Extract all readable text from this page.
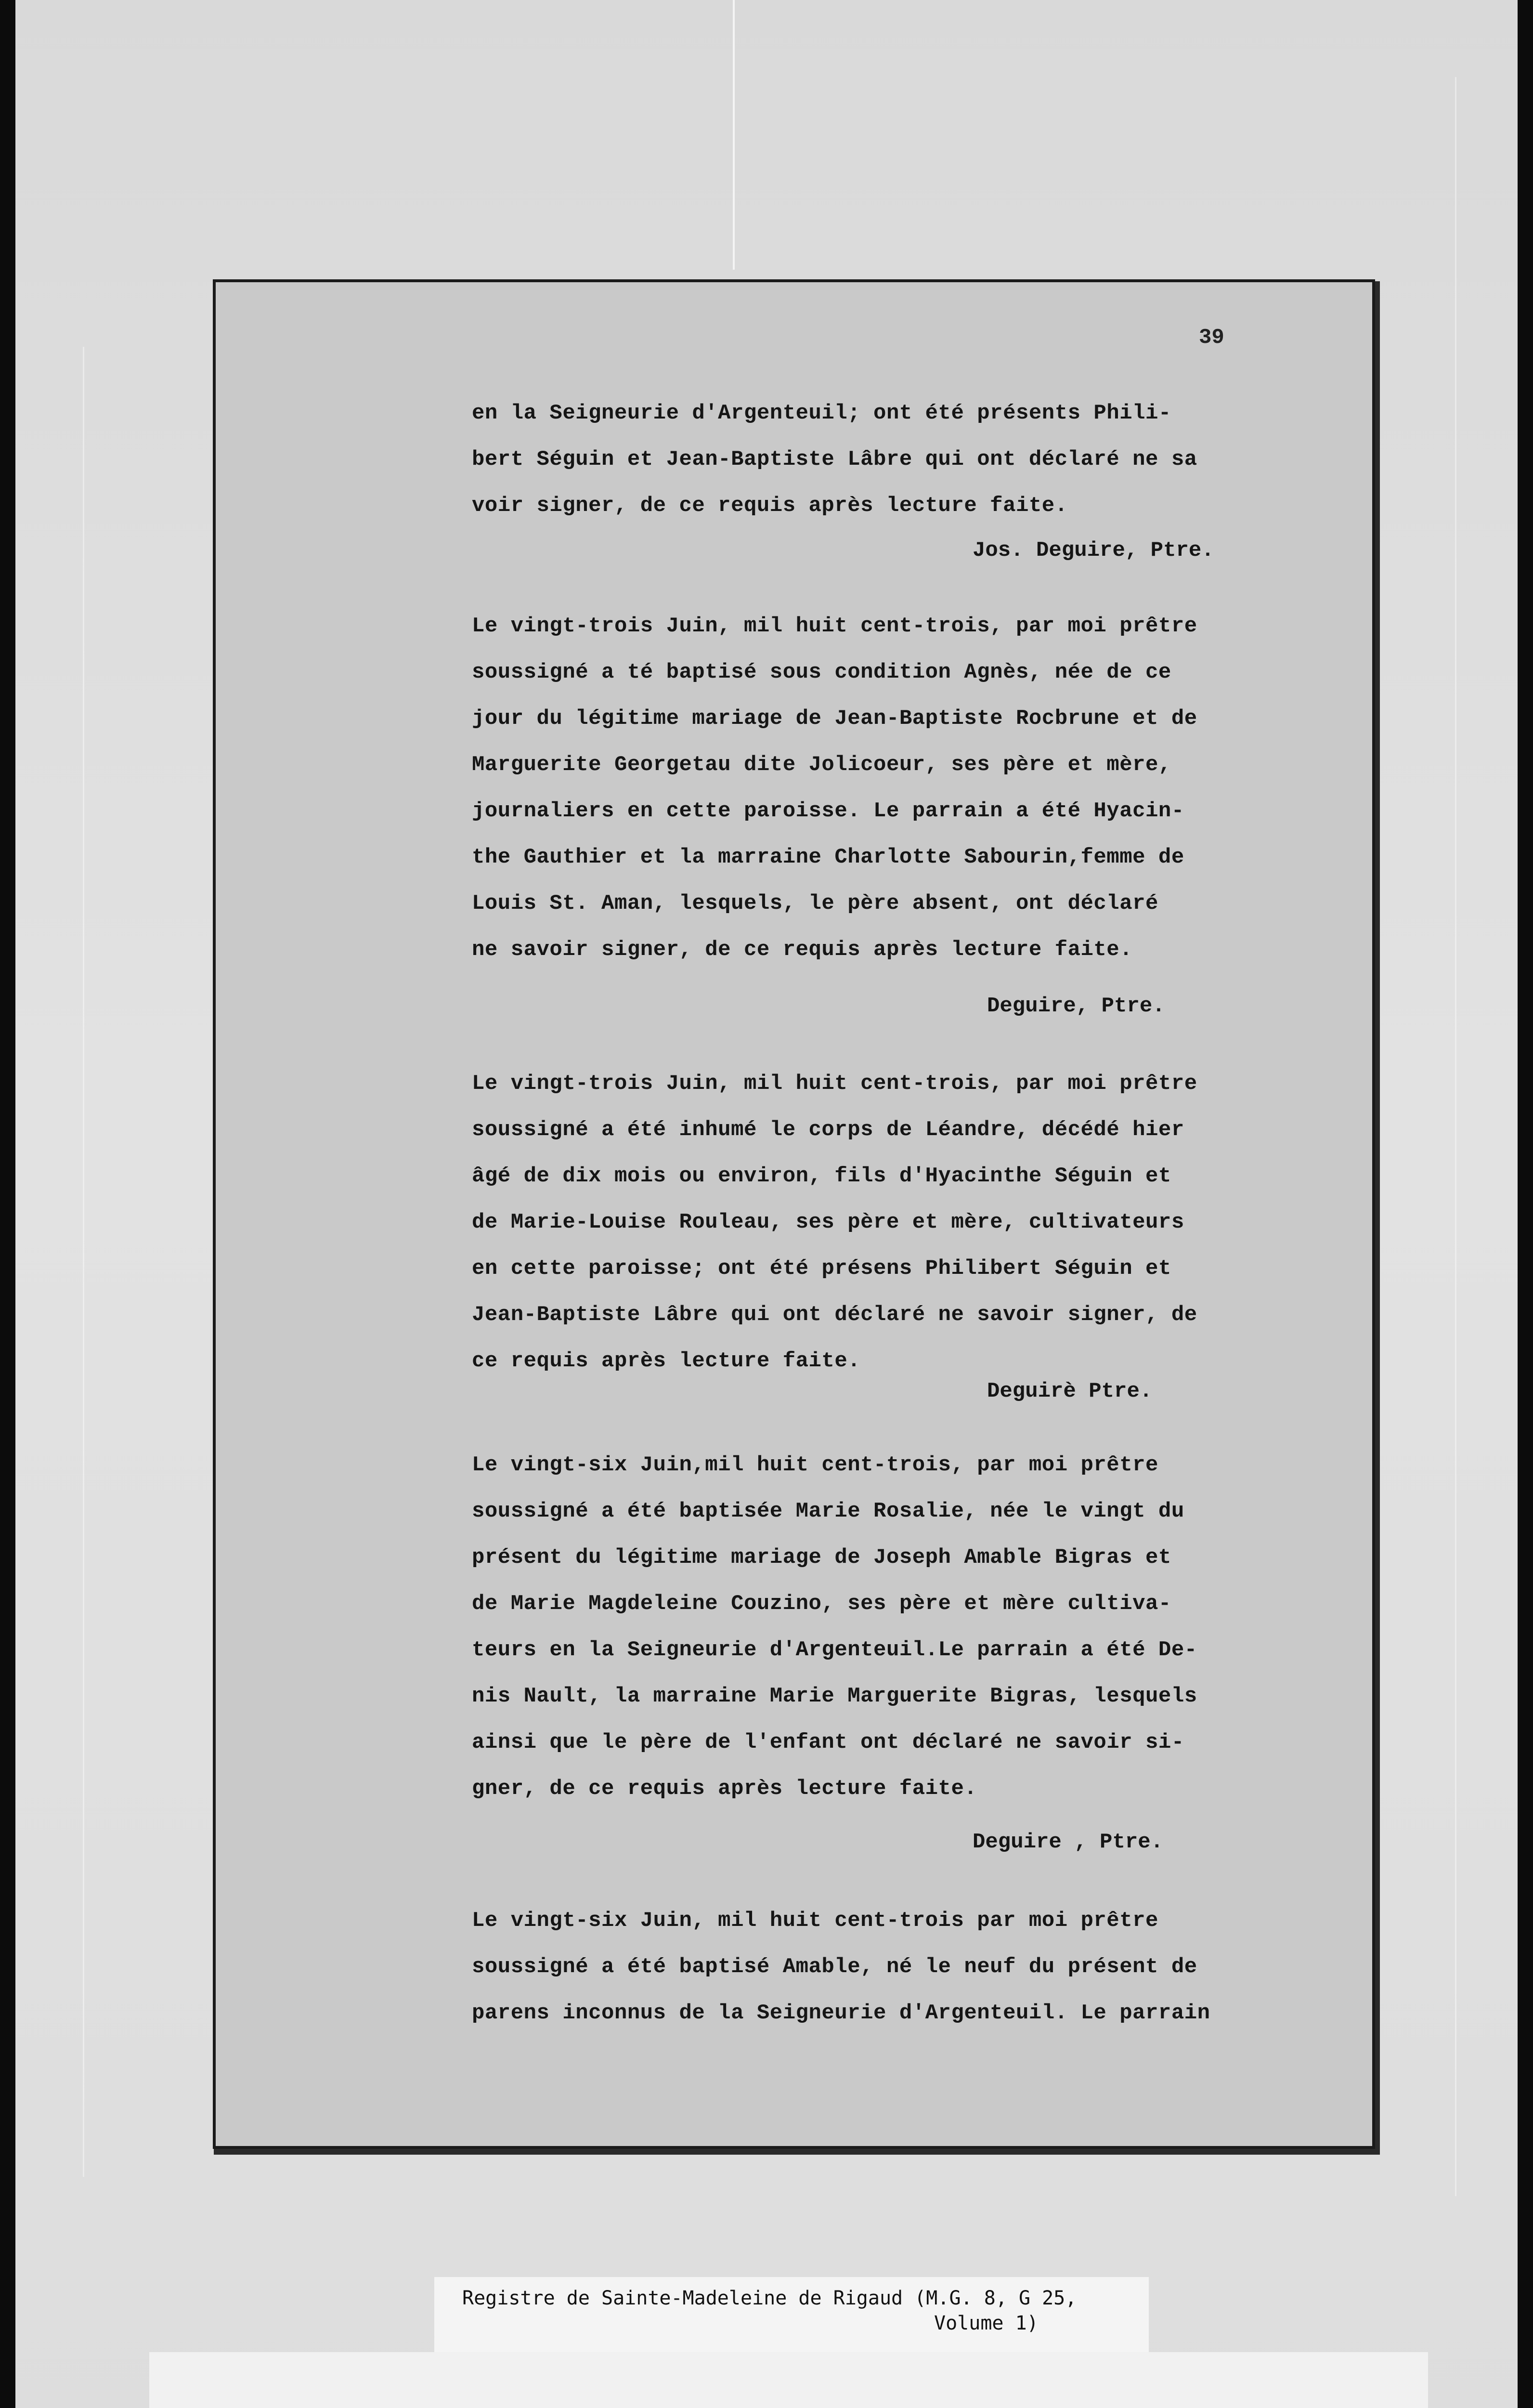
39
en la Seigneurie d'Argenteuil; ont été présents Phili-
bert Séguin et Jean-Baptiste Lâbre qui ont déclaré ne sa
voir signer, de ce requis après lecture faite.
Jos. Deguire, Ptre.
Le vingt-trois Juin, mil huit cent-trois, par moi prêtre
soussigné a té baptisé sous condition Agnès, née de ce
jour du légitime mariage de Jean-Baptiste Rocbrune et de
Marguerite Georgetau dite Jolicoeur, ses père et mère,
journaliers en cette paroisse. Le parrain a été Hyacin-
the Gauthier et la marraine Charlotte Sabourin,femme de
Louis St. Aman, lesquels, le père absent, ont déclaré
ne savoir signer, de ce requis après lecture faite.
Deguire, Ptre.
Le vingt-trois Juin, mil huit cent-trois, par moi prêtre
soussigné a été inhumé le corps de Léandre, décédé hier
âgé de dix mois ou environ, fils d'Hyacinthe Séguin et
de Marie-Louise Rouleau, ses père et mère, cultivateurs
en cette paroisse; ont été présens Philibert Séguin et
Jean-Baptiste Lâbre qui ont déclaré ne savoir signer, de
ce requis après lecture faite.
Deguirè Ptre.
Le vingt-six Juin,mil huit cent-trois, par moi prêtre
soussigné a été baptisée Marie Rosalie, née le vingt du
présent du légitime mariage de Joseph Amable Bigras et
de Marie Magdeleine Couzino, ses père et mère cultiva-
teurs en la Seigneurie d'Argenteuil.Le parrain a été De-
nis Nault, la marraine Marie Marguerite Bigras, lesquels
ainsi que le père de l'enfant ont déclaré ne savoir si-
gner, de ce requis après lecture faite.
Deguire , Ptre.
Le vingt-six Juin, mil huit cent-trois par moi prêtre
soussigné a été baptisé Amable, né le neuf du présent de
parens inconnus de la Seigneurie d'Argenteuil. Le parrain
Registre de Sainte-Madeleine de Rigaud (M.G. 8, G 25,
Volume 1)
